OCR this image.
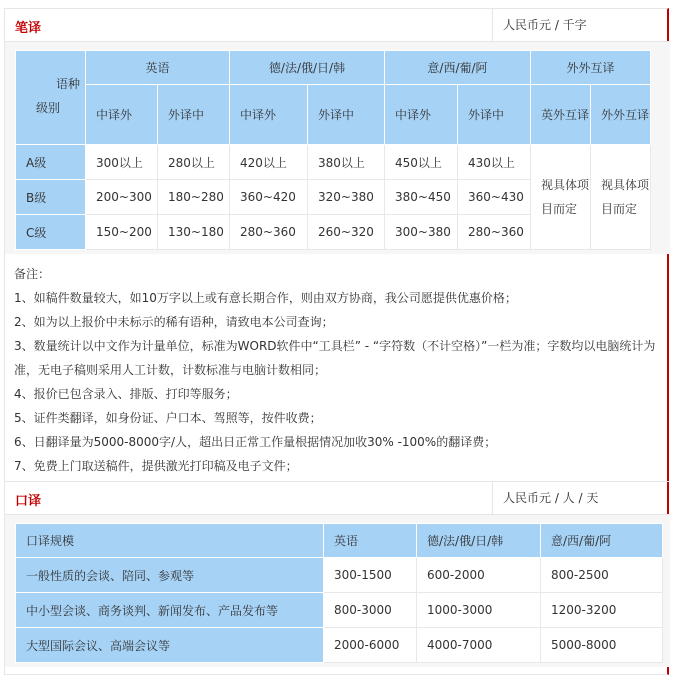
笔译	人民币元 / 千字
语种
级别	英语		德/法/俄/日/韩		意/西/葡/阿		外外互译	
	中译外	外译中	中译外	外译中	中译外	外译中	英外互译	外外互译
A级	300以上	280以上	420以上	380以上	450以上	430以上	视具体项目而定	视具体项目而定
B级	200~300	180~280	360~420	320~380	380~450	360~430		
C级	150~200	130~180	280~360	260~320	300~380	280~360		

备注：

1、如稿件数量较大，如10万字以上或有意长期合作，则由双方协商，我公司愿提供优惠价格；

2、如为以上报价中未标示的稀有语种，请致电本公司查询；

3、数量统计以中文作为计量单位，标准为WORD软件中“工具栏” - “字符数（不计空格）”一栏为准；字数均以电脑统计为准，无电子稿则采用人工计数，计数标准与电脑计数相同；

4、报价已包含录入、排版、打印等服务；

5、证件类翻译，如身份证、户口本、驾照等，按件收费；

6、日翻译量为5000-8000字/人，超出日正常工作量根据情况加收30% -100%的翻译费；

7、免费上门取送稿件，提供激光打印稿及电子文件；

口译	人民币元 / 人 / 天
口译规模	英语	德/法/俄/日/韩	意/西/葡/阿
一般性质的会谈、陪同、参观等	300-1500	600-2000	800-2500
中小型会谈、商务谈判、新闻发布、产品发布等	800-3000	1000-3000	1200-3200
大型国际会议、高端会议等	2000-6000	4000-7000	5000-8000
